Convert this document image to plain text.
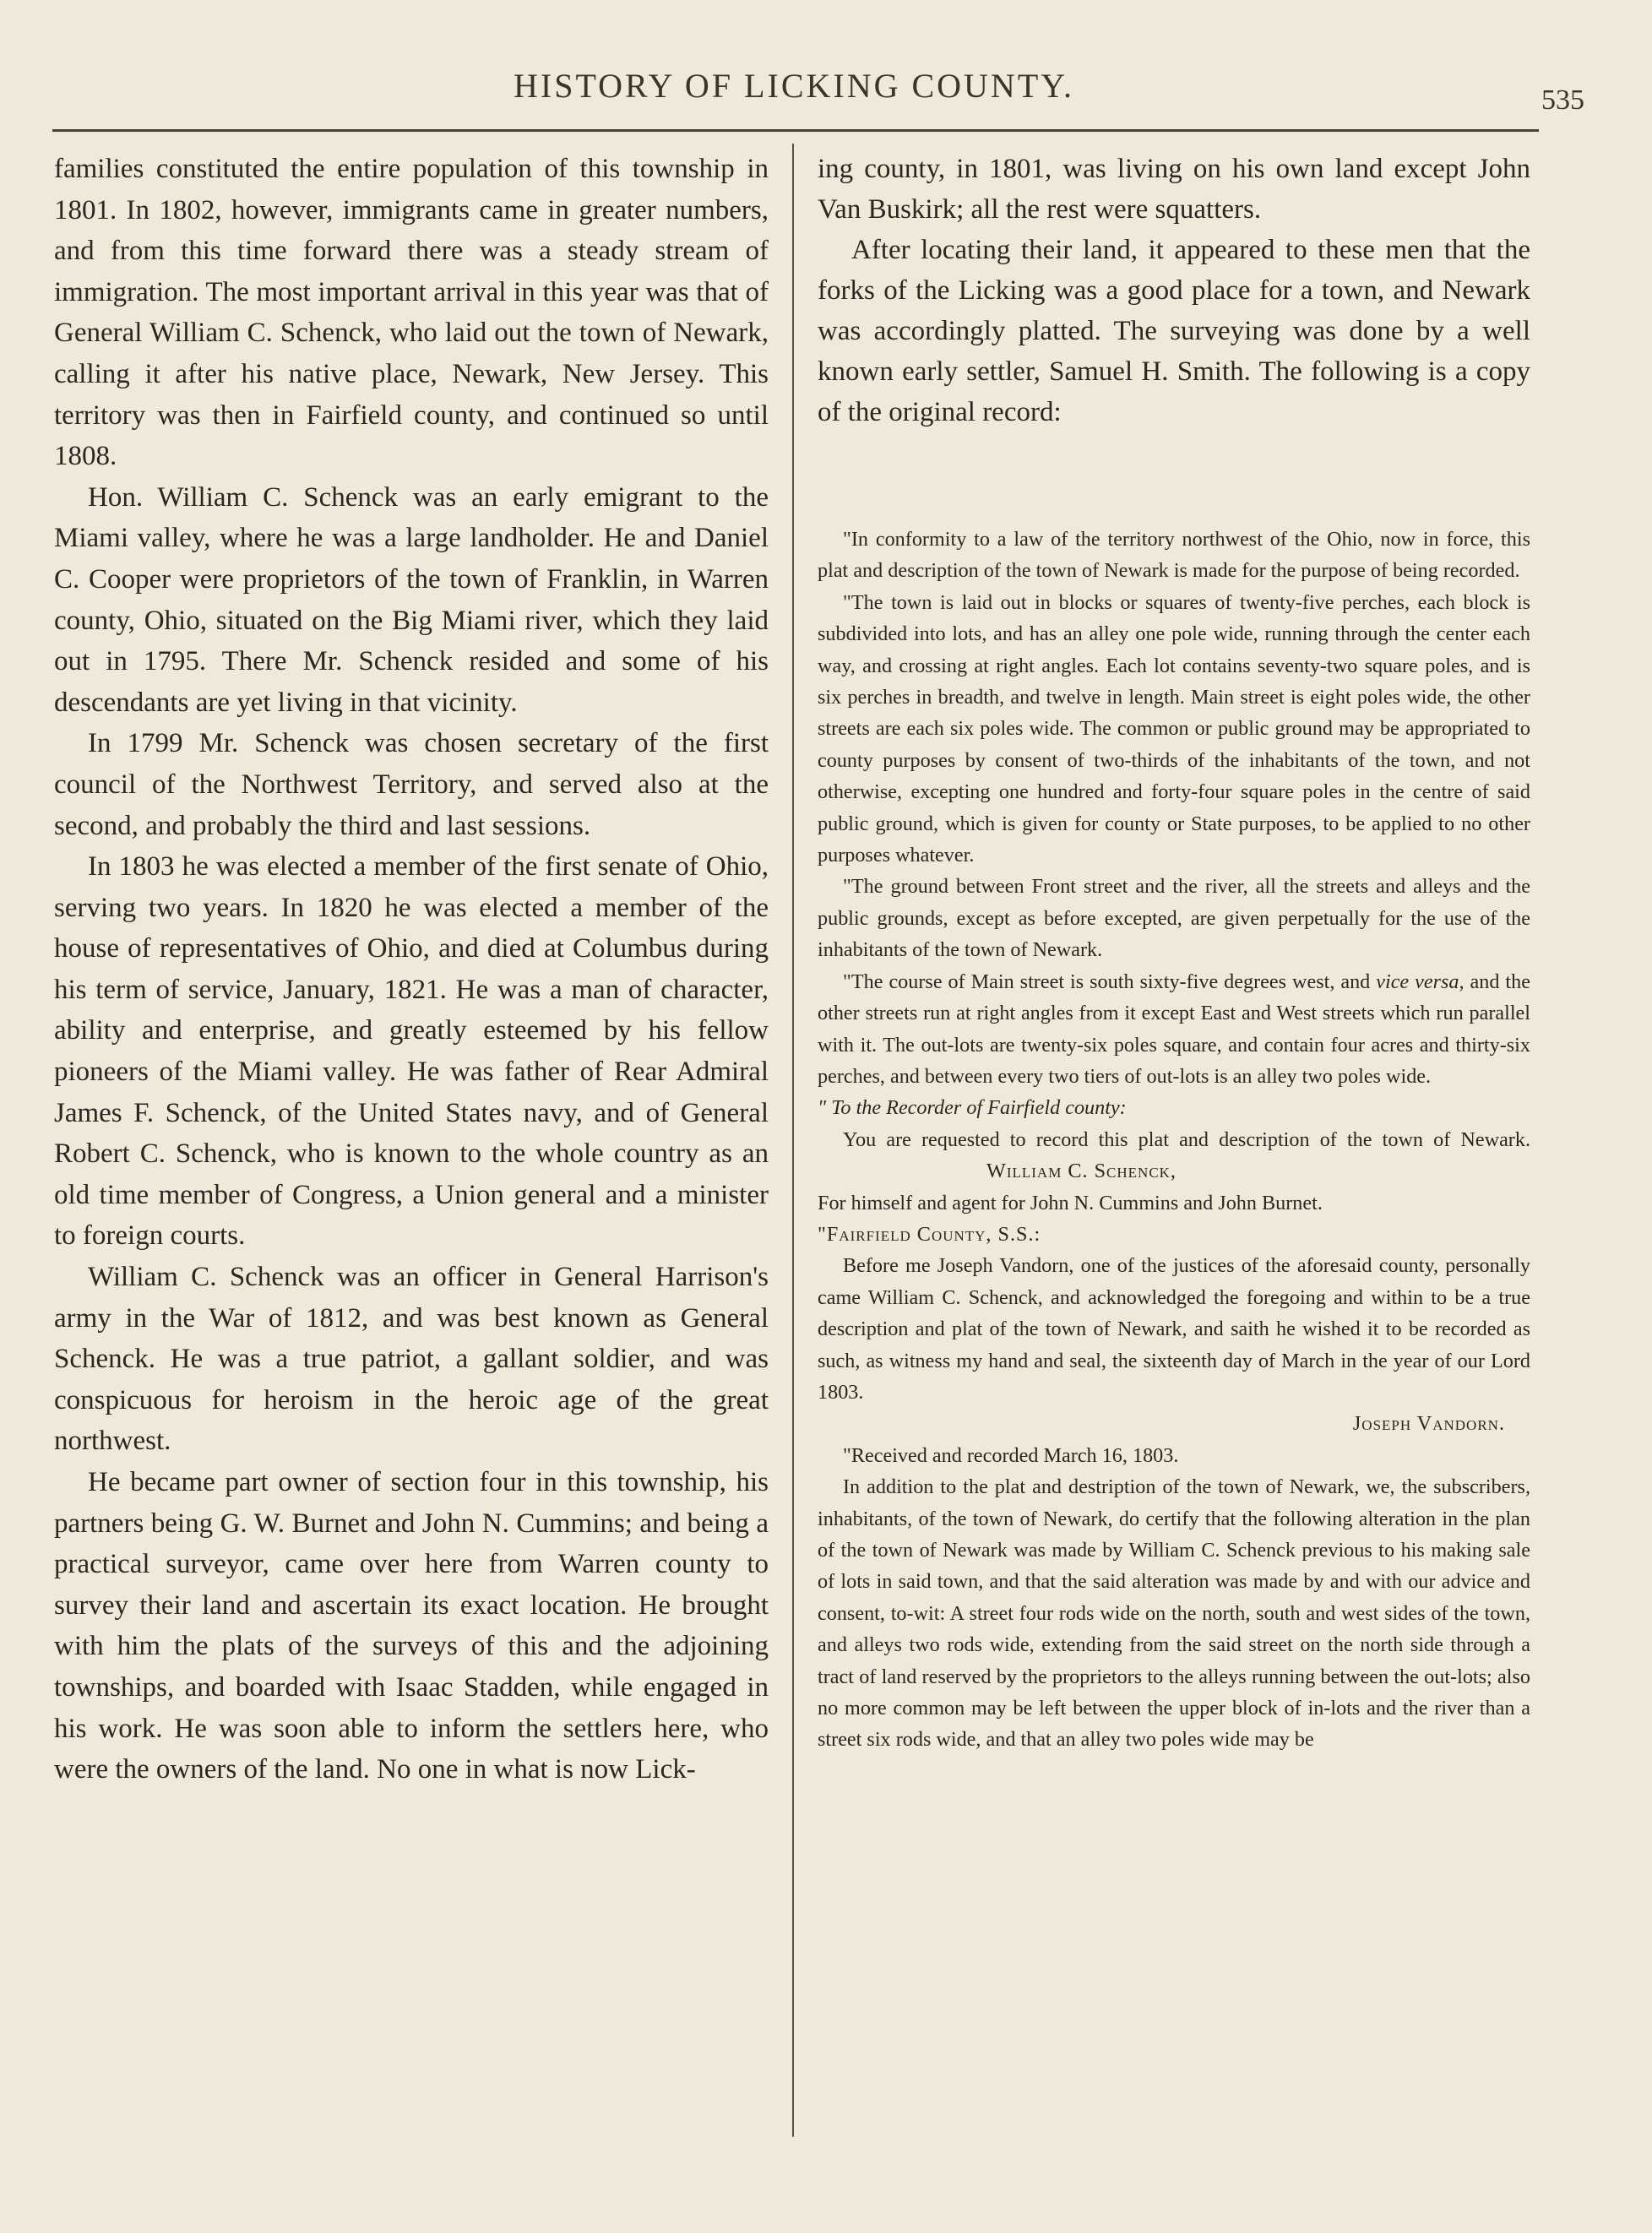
HISTORY OF LICKING COUNTY.	535

families constituted the entire population of this township in 1801. In 1802, however, immigrants came in greater numbers, and from this time forward there was a steady stream of immigration. The most important arrival in this year was that of General William C. Schenck, who laid out the town of Newark, calling it after his native place, Newark, New Jersey. This territory was then in Fairfield county, and continued so until 1808.

Hon. William C. Schenck was an early emigrant to the Miami valley, where he was a large landholder. He and Daniel C. Cooper were proprietors of the town of Franklin, in Warren county, Ohio, situated on the Big Miami river, which they laid out in 1795. There Mr. Schenck resided and some of his descendants are yet living in that vicinity.

In 1799 Mr. Schenck was chosen secretary of the first council of the Northwest Territory, and served also at the second, and probably the third and last sessions.

In 1803 he was elected a member of the first senate of Ohio, serving two years. In 1820 he was elected a member of the house of representatives of Ohio, and died at Columbus during his term of service, January, 1821. He was a man of character, ability and enterprise, and greatly esteemed by his fellow pioneers of the Miami valley. He was father of Rear Admiral James F. Schenck, of the United States navy, and of General Robert C. Schenck, who is known to the whole country as an old time member of Congress, a Union general and a minister to foreign courts.

William C. Schenck was an officer in General Harrison's army in the War of 1812, and was best known as General Schenck. He was a true patriot, a gallant soldier, and was conspicuous for heroism in the heroic age of the great northwest.

He became part owner of section four in this township, his partners being G. W. Burnet and John N. Cummins; and being a practical surveyor, came over here from Warren county to survey their land and ascertain its exact location. He brought with him the plats of the surveys of this and the adjoining townships, and boarded with Isaac Stadden, while engaged in his work. He was soon able to inform the settlers here, who were the owners of the land. No one in what is now Lick-

ing county, in 1801, was living on his own land except John Van Buskirk; all the rest were squatters.

After locating their land, it appeared to these men that the forks of the Licking was a good place for a town, and Newark was accordingly platted. The surveying was done by a well known early settler, Samuel H. Smith. The following is a copy of the original record:

"In conformity to a law of the territory northwest of the Ohio, now in force, this plat and description of the town of Newark is made for the purpose of being recorded.

"The town is laid out in blocks or squares of twenty-five perches, each block is subdivided into lots, and has an alley one pole wide, running through the center each way, and crossing at right angles. Each lot contains seventy-two square poles, and is six perches in breadth, and twelve in length. Main street is eight poles wide, the other streets are each six poles wide. The common or public ground may be appropriated to county purposes by consent of two-thirds of the inhabitants of the town, and not otherwise, excepting one hundred and forty-four square poles in the centre of said public ground, which is given for county or State purposes, to be applied to no other purposes whatever.

"The ground between Front street and the river, all the streets and alleys and the public grounds, except as before excepted, are given perpetually for the use of the inhabitants of the town of Newark.

"The course of Main street is south sixty-five degrees west, and vice versa, and the other streets run at right angles from it except East and West streets which run parallel with it. The out-lots are twenty-six poles square, and contain four acres and thirty-six perches, and between every two tiers of out-lots is an alley two poles wide.

" To the Recorder of Fairfield county:

You are requested to record this plat and description of the town of Newark.William C. Schenck,

For himself and agent for John N. Cummins and John Burnet.

"Fairfield County, S.S.:

Before me Joseph Vandorn, one of the justices of the aforesaid county, personally came William C. Schenck, and acknowledged the foregoing and within to be a true description and plat of the town of Newark, and saith he wished it to be recorded as such, as witness my hand and seal, the sixteenth day of March in the year of our Lord 1803.

Joseph Vandorn.

"Received and recorded March 16, 1803.

In addition to the plat and destription of the town of Newark, we, the subscribers, inhabitants, of the town of Newark, do certify that the following alteration in the plan of the town of Newark was made by William C. Schenck previous to his making sale of lots in said town, and that the said alteration was made by and with our advice and consent, to-wit: A street four rods wide on the north, south and west sides of the town, and alleys two rods wide, extending from the said street on the north side through a tract of land reserved by the proprietors to the alleys running between the out-lots; also no more common may be left between the upper block of in-lots and the river than a street six rods wide, and that an alley two poles wide may be
